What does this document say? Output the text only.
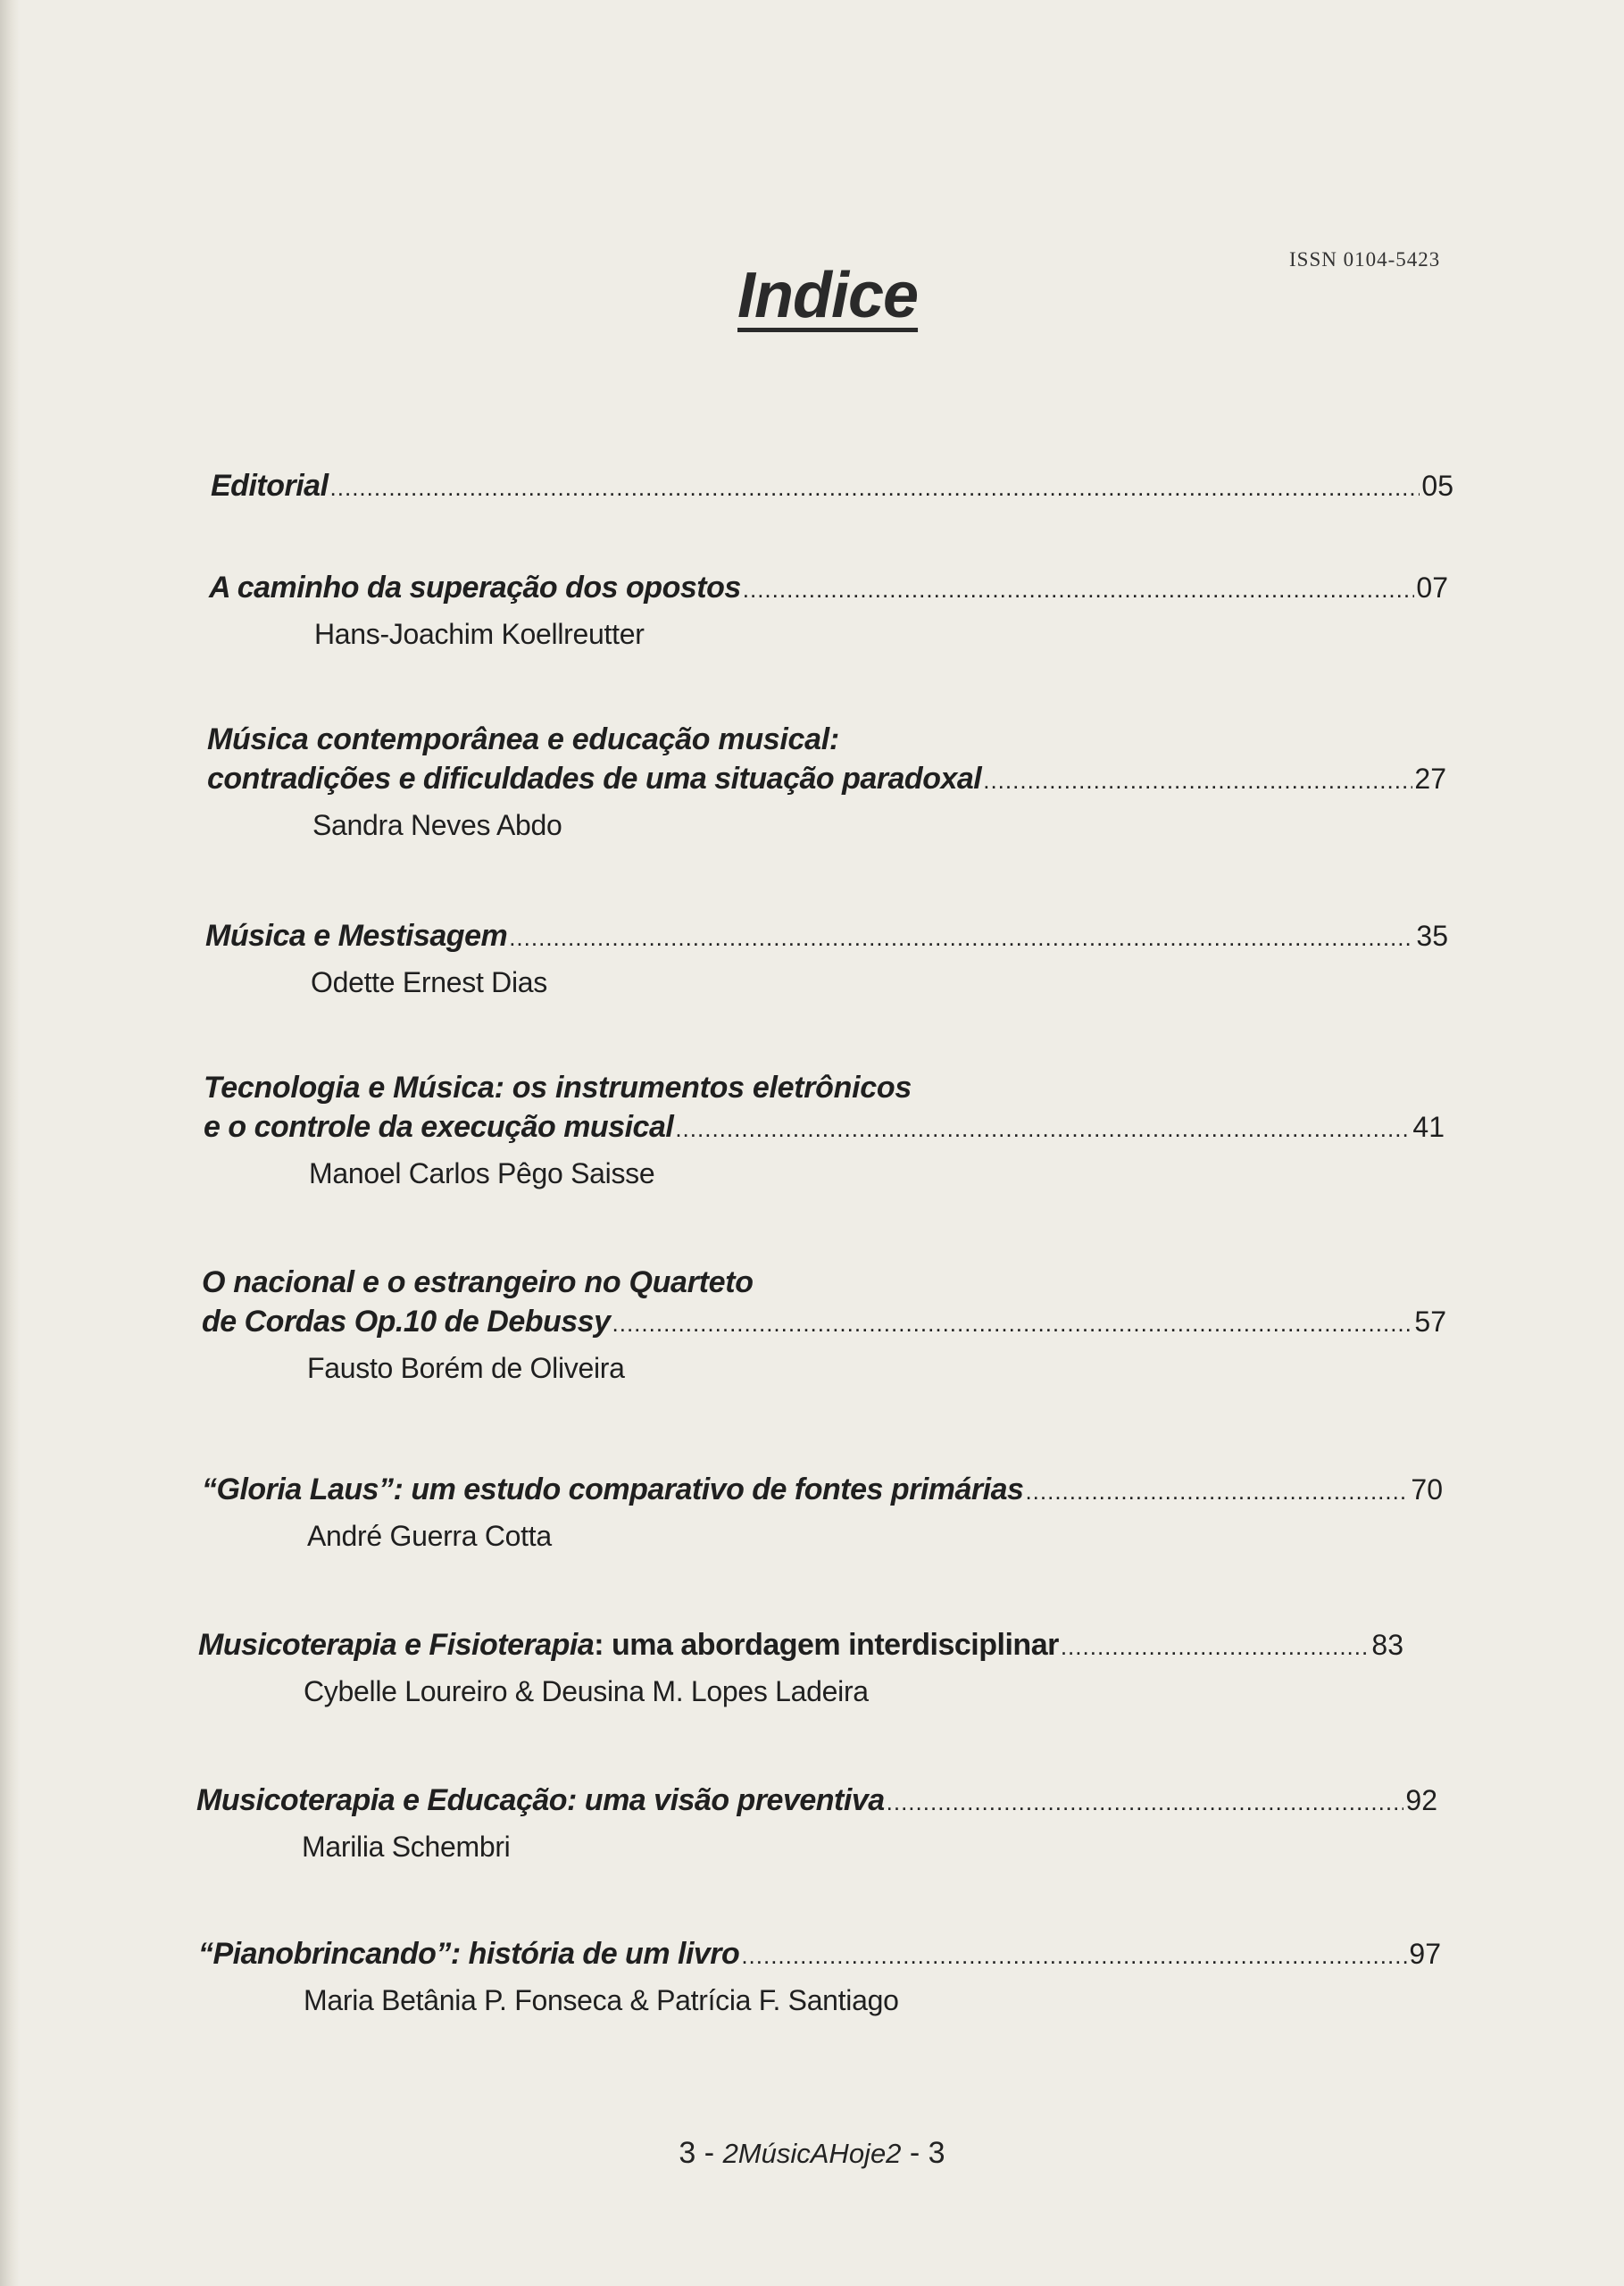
ISSN 0104-5423
Indice
Editorial .....	05
A caminho da superação dos opostos .....	07
Hans-Joachim Koellreutter
Música contemporânea e educação musical:
contradições e dificuldades de uma situação paradoxal .....	27
Sandra Neves Abdo
Música e Mestisagem .....	35
Odette Ernest Dias
Tecnologia e Música: os instrumentos eletrônicos
e o controle da execução musical .....	41
Manoel Carlos Pêgo Saisse
O nacional e o estrangeiro no Quarteto
de Cordas Op.10 de Debussy .....	57
Fausto Borém de Oliveira
“Gloria Laus”: um estudo comparativo de fontes primárias .....	70
André Guerra Cotta
Musicoterapia e Fisioterapia: uma abordagem interdisciplinar .....	83
Cybelle Loureiro & Deusina M. Lopes Ladeira
Musicoterapia e Educação: uma visão preventiva .....	92
Marilia Schembri
“Pianobrincando”: história de um livro .....	97
Maria Betânia P. Fonseca & Patrícia F. Santiago
3 - 2MúsicAHoje2 - 3
